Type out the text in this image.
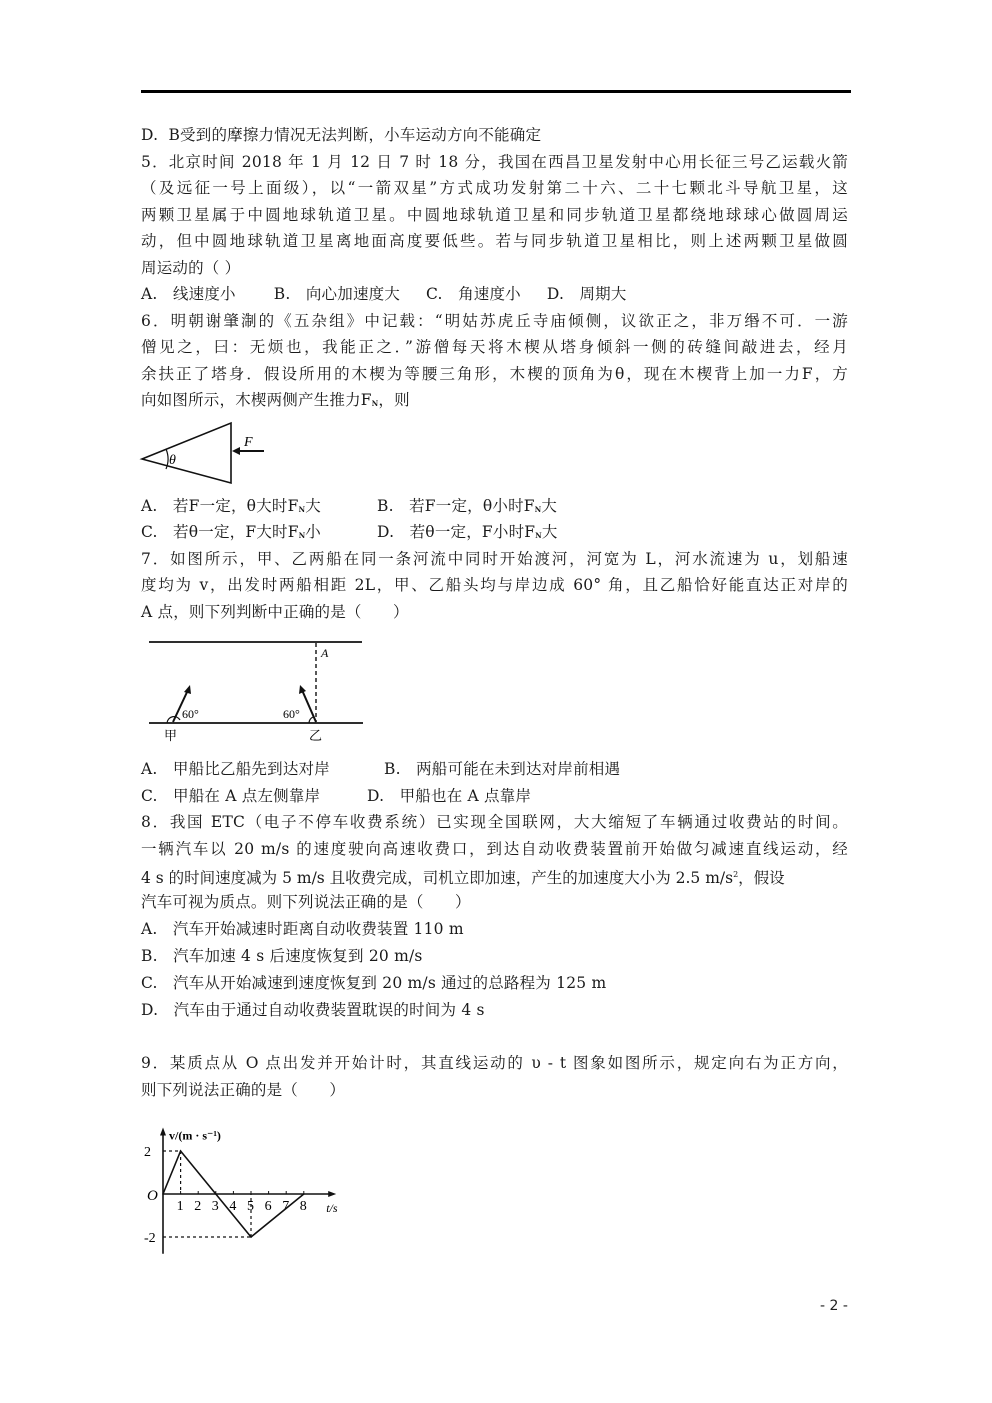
D. B受到的摩擦力情况无法判断，小车运动方向不能确定
5．北京时间 2018 年 1 月 12 日 7 时 18 分，我国在西昌卫星发射中心用长征三号乙运载火箭
（及远征一号上面级），以“一箭双星”方式成功发射第二十六、二十七颗北斗导航卫星，这
两颗卫星属于中圆地球轨道卫星。中圆地球轨道卫星和同步轨道卫星都绕地球球心做圆周运
动，但中圆地球轨道卫星离地面高度要低些。若与同步轨道卫星相比，则上述两颗卫星做圆
周运动的（ ）
A. 线速度小 B. 向心加速度大 C. 角速度小 D. 周期大
6．明朝谢肇淛的《五杂组》中记载：“明姑苏虎丘寺庙倾侧，议欲正之，非万缗不可．一游
僧见之，曰：无烦也，我能正之．”游僧每天将木楔从塔身倾斜一侧的砖缝间敲进去，经月
余扶正了塔身．假设所用的木楔为等腰三角形，木楔的顶角为θ，现在木楔背上加一力F，方
向如图所示，木楔两侧产生推力$F_N$，则
θ
F
A. 若F一定，θ大时$F_N$大	B. 若F一定，θ小时$F_N$大
C. 若θ一定，F大时$F_N$小	D. 若θ一定，F小时$F_N$大
7．如图所示，甲、乙两船在同一条河流中同时开始渡河，河宽为 L，河水流速为 u，划船速
度均为 v，出发时两船相距 2L，甲、乙船头均与岸边成 60° 角，且乙船恰好能直达正对岸的
A 点，则下列判断中正确的是（　　）
A
60°
甲
60°
乙
A. 甲船比乙船先到达对岸	B. 两船可能在未到达对岸前相遇
C. 甲船在 A 点左侧靠岸	D. 甲船也在 A 点靠岸
8．我国 ETC（电子不停车收费系统）已实现全国联网，大大缩短了车辆通过收费站的时间。
一辆汽车以 20 m/s 的速度驶向高速收费口，到达自动收费装置前开始做匀减速直线运动，经
4 s 的时间速度减为 5 m/s 且收费完成，司机立即加速，产生的加速度大小为 2.5 $m/s^2$，假设
汽车可视为质点。则下列说法正确的是（　　）
A. 汽车开始减速时距离自动收费装置 110 m
B. 汽车加速 4 s 后速度恢复到 20 m/s
C. 汽车从开始减速到速度恢复到 20 m/s 通过的总路程为 125 m
D. 汽车由于通过自动收费装置耽误的时间为 4 s
9．某质点从 O 点出发并开始计时，其直线运动的 υ - t 图象如图所示，规定向右为正方向，
则下列说法正确的是（　　）
1 2 3 4 5 6 7 8
2
-2
v/(m · s⁻¹)
t/s
O
- 2 -
